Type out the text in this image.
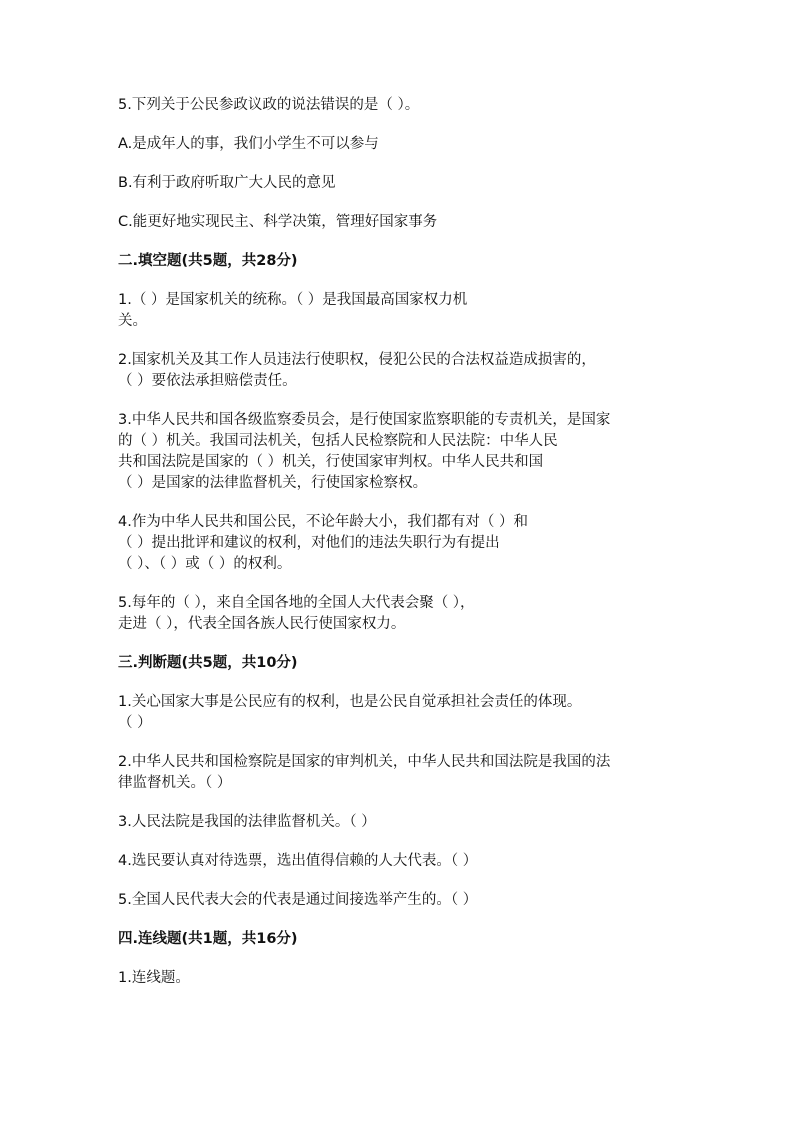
5.下列关于公民参政议政的说法错误的是（ ）。

A.是成年人的事，我们小学生不可以参与

B.有利于政府听取广大人民的意见

C.能更好地实现民主、科学决策，管理好国家事务

二.填空题(共5题，共28分)

1.（ ）是国家机关的统称。（ ）是我国最高国家权力机

关。

2.国家机关及其工作人员违法行使职权，侵犯公民的合法权益造成损害的，

（ ）要依法承担赔偿责任。

3.中华人民共和国各级监察委员会，是行使国家监察职能的专责机关，是国家

的（ ）机关。我国司法机关，包括人民检察院和人民法院：中华人民

共和国法院是国家的（ ）机关，行使国家审判权。中华人民共和国

（ ）是国家的法律监督机关，行使国家检察权。

4.作为中华人民共和国公民，不论年龄大小，我们都有对（ ）和

（ ）提出批评和建议的权利，对他们的违法失职行为有提出

（ ）、（ ）或（ ）的权利。

5.每年的（ ），来自全国各地的全国人大代表会聚（ ），

走进（ ），代表全国各族人民行使国家权力。

三.判断题(共5题，共10分)

1.关心国家大事是公民应有的权利，也是公民自觉承担社会责任的体现。

（ ）

2.中华人民共和国检察院是国家的审判机关，中华人民共和国法院是我国的法

律监督机关。（ ）

3.人民法院是我国的法律监督机关。（ ）

4.选民要认真对待选票，选出值得信赖的人大代表。（ ）

5.全国人民代表大会的代表是通过间接选举产生的。（ ）

四.连线题(共1题，共16分)

1.连线题。
